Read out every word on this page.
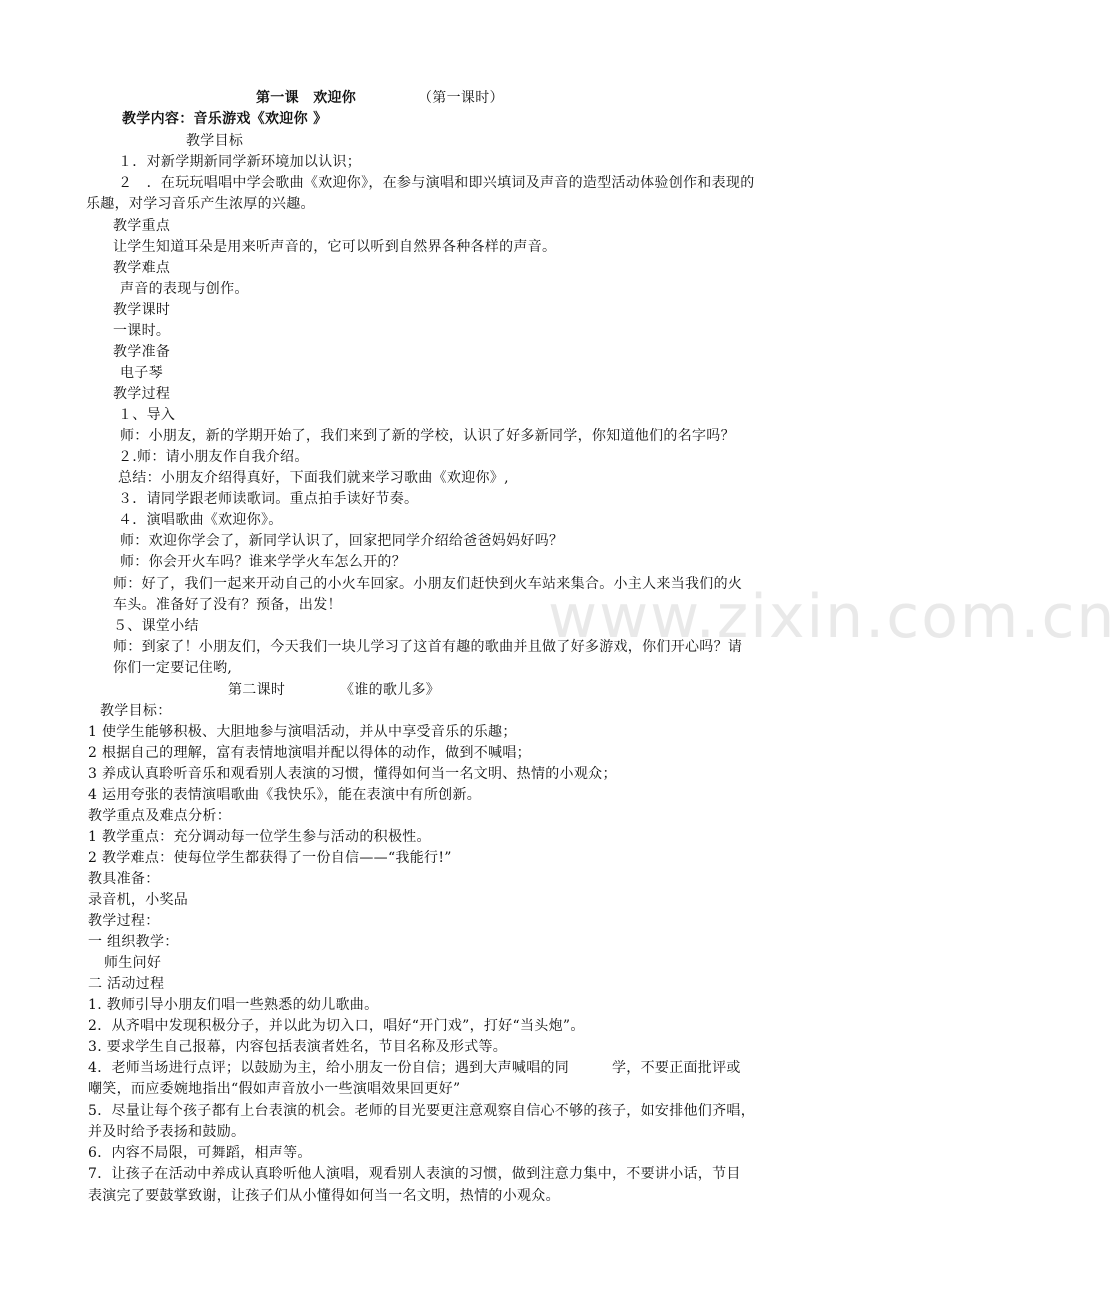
www.zixin.com.cn
第一课　欢迎你	（第一课时）
教学内容：音乐游戏《欢迎你 》
教学目标
１．对新学期新同学新环境加以认识；
２　．在玩玩唱唱中学会歌曲《欢迎你》，在参与演唱和即兴填词及声音的造型活动体验创作和表现的
乐趣，对学习音乐产生浓厚的兴趣。
教学重点
让学生知道耳朵是用来听声音的，它可以听到自然界各种各样的声音。
教学难点
声音的表现与创作。
教学课时
一课时。
教学准备
电子琴
教学过程
１、导入
师：小朋友，新的学期开始了，我们来到了新的学校，认识了好多新同学，你知道他们的名字吗？
２.师：请小朋友作自我介绍。
总结：小朋友介绍得真好，下面我们就来学习歌曲《欢迎你》,
３．请同学跟老师读歌词。重点拍手读好节奏。
４．演唱歌曲《欢迎你》。
师：欢迎你学会了，新同学认识了，回家把同学介绍给爸爸妈妈好吗？
师：你会开火车吗？谁来学学火车怎么开的？
师：好了，我们一起来开动自己的小火车回家。小朋友们赶快到火车站来集合。小主人来当我们的火
车头。准备好了没有？预备，出发！
５、课堂小结
师：到家了！小朋友们，今天我们一块儿学习了这首有趣的歌曲并且做了好多游戏，你们开心吗？请
你们一定要记住哟,
第二课时	《谁的歌儿多》
教学目标：
1 使学生能够积极、大胆地参与演唱活动，并从中享受音乐的乐趣；
2 根据自己的理解，富有表情地演唱并配以得体的动作，做到不喊唱；
3 养成认真聆听音乐和观看别人表演的习惯，懂得如何当一名文明、热情的小观众；
4 运用夸张的表情演唱歌曲《我快乐》，能在表演中有所创新。
教学重点及难点分析：
1 教学重点：充分调动每一位学生参与活动的积极性。
2 教学难点：使每位学生都获得了一份自信——“我能行!”
教具准备：
录音机，小奖品
教学过程：
一 组织教学：
师生问好
二 活动过程
1. 教师引导小朋友们唱一些熟悉的幼儿歌曲。
2．从齐唱中发现积极分子，并以此为切入口，唱好“开门戏”，打好“当头炮”。
3. 要求学生自己报幕，内容包括表演者姓名，节目名称及形式等。
4．老师当场进行点评；以鼓励为主，给小朋友一份自信；遇到大声喊唱的同　　　学，不要正面批评或
嘲笑，而应委婉地指出“假如声音放小一些演唱效果回更好”
5．尽量让每个孩子都有上台表演的机会。老师的目光要更注意观察自信心不够的孩子，如安排他们齐唱，
并及时给予表扬和鼓励。
6．内容不局限，可舞蹈，相声等。
7．让孩子在活动中养成认真聆听他人演唱，观看别人表演的习惯，做到注意力集中，不要讲小话，节目
表演完了要鼓掌致谢，让孩子们从小懂得如何当一名文明，热情的小观众。
